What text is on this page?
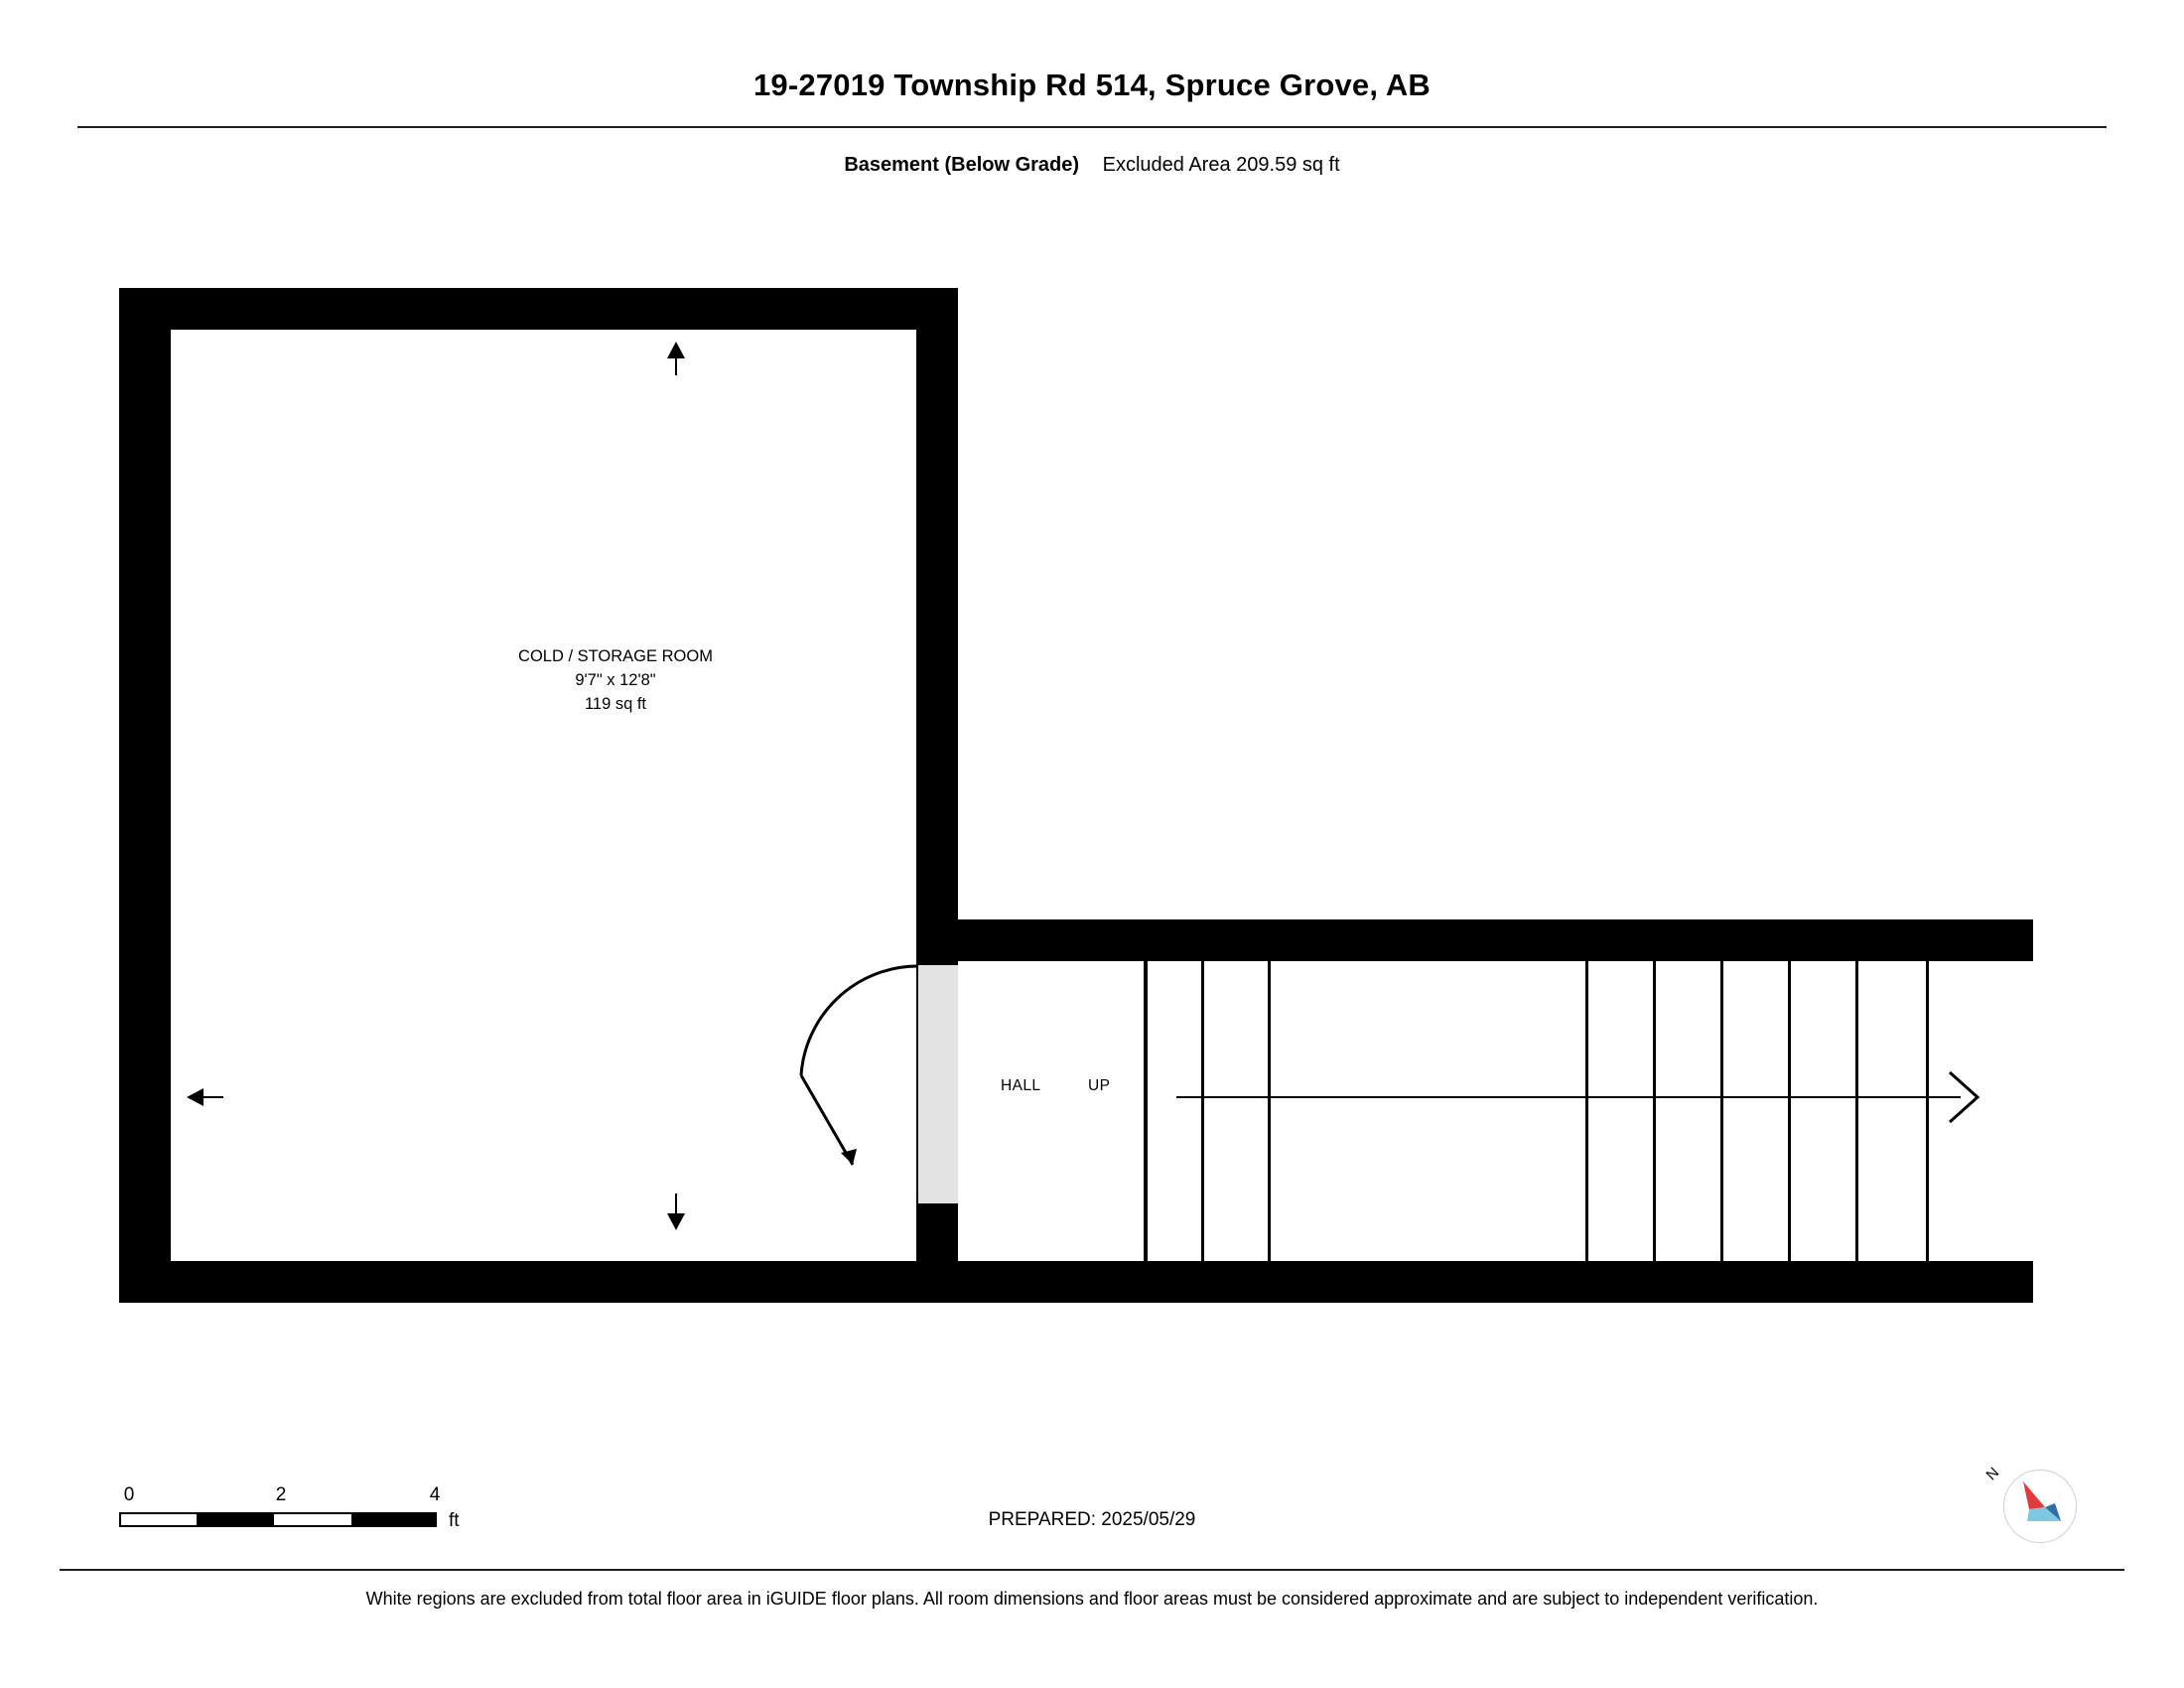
19-27019 Township Rd 514, Spruce Grove, AB
Basement (Below Grade) Excluded Area 209.59 sq ft
COLD / STORAGE ROOM
9'7" x 12'8"
119 sq ft
HALL	UP
0	2	4
ft	PREPARED: 2025/05/29
N
White regions are excluded from total floor area in iGUIDE floor plans. All room dimensions and floor areas must be considered approximate and are subject to independent verification.
